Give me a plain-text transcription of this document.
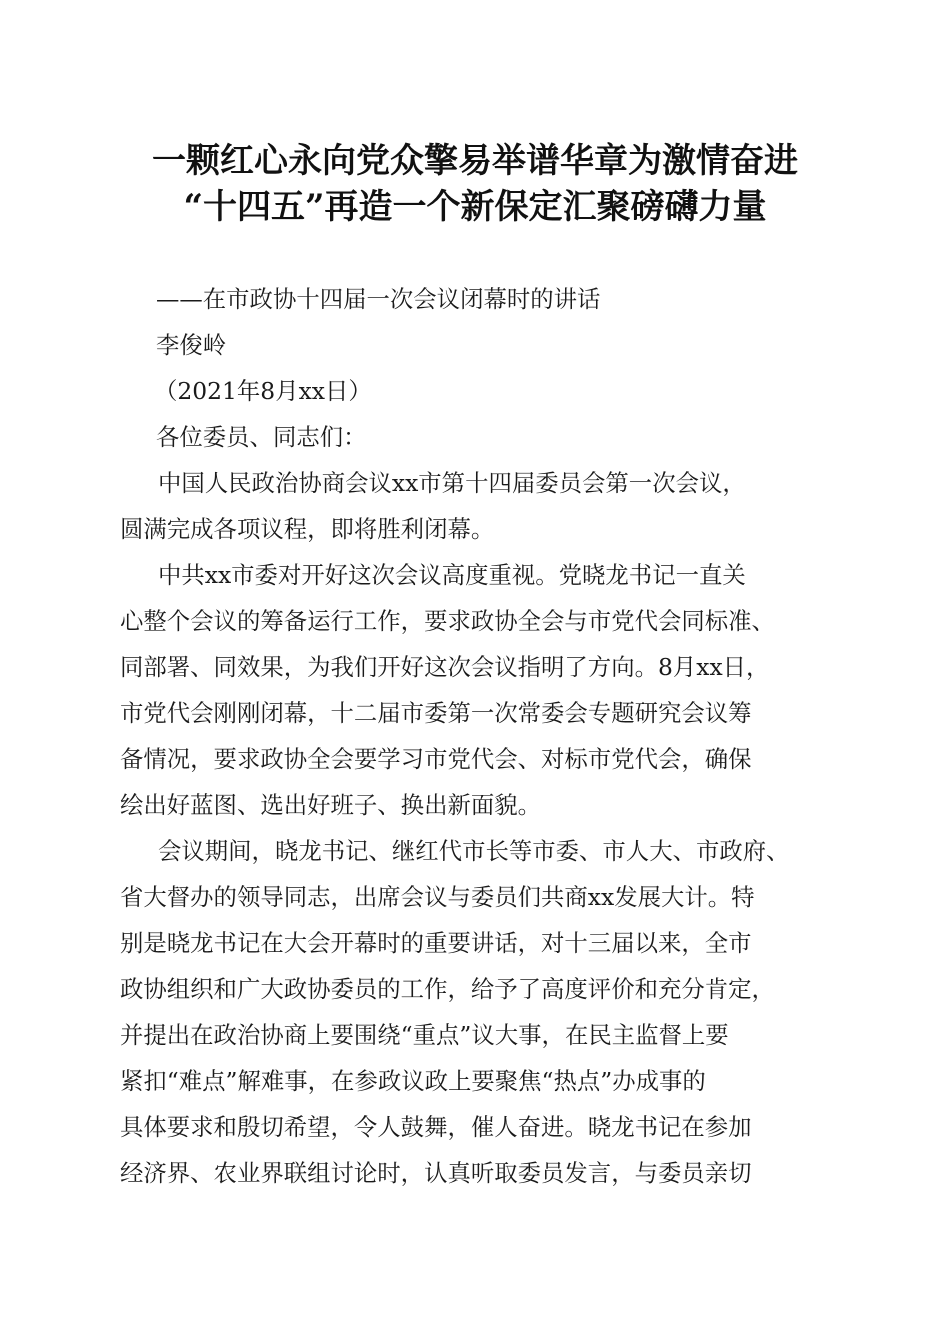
一颗红心永向党众擎易举谱华章为激情奋进
“十四五”再造一个新保定汇聚磅礴力量
——在市政协十四届一次会议闭幕时的讲话
李俊岭
（2021年8月xx日）
各位委员、同志们：
中国人民政治协商会议xx市第十四届委员会第一次会议，
圆满完成各项议程，即将胜利闭幕。
中共xx市委对开好这次会议高度重视。党晓龙书记一直关
心整个会议的筹备运行工作，要求政协全会与市党代会同标准、
同部署、同效果，为我们开好这次会议指明了方向。8月xx日，
市党代会刚刚闭幕，十二届市委第一次常委会专题研究会议筹
备情况，要求政协全会要学习市党代会、对标市党代会，确保
绘出好蓝图、选出好班子、换出新面貌。
会议期间，晓龙书记、继红代市长等市委、市人大、市政府、
省大督办的领导同志，出席会议与委员们共商xx发展大计。特
别是晓龙书记在大会开幕时的重要讲话，对十三届以来，全市
政协组织和广大政协委员的工作，给予了高度评价和充分肯定，
并提出在政治协商上要围绕“重点”议大事，在民主监督上要
紧扣“难点”解难事，在参政议政上要聚焦“热点”办成事的
具体要求和殷切希望，令人鼓舞，催人奋进。晓龙书记在参加
经济界、农业界联组讨论时，认真听取委员发言，与委员亲切
